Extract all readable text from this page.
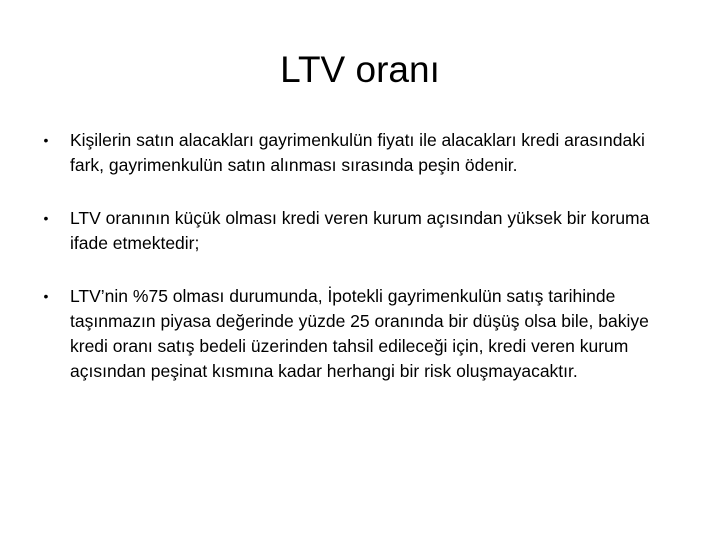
LTV oranı
• Kişilerin satın alacakları gayrimenkulün fiyatı ile alacakları kredi arasındaki fark, gayrimenkulün satın alınması sırasında peşin ödenir.
• LTV oranının küçük olması kredi veren kurum açısından yüksek bir koruma ifade etmektedir;
• LTV’nin %75 olması durumunda, İpotekli gayrimenkulün satış tarihinde taşınmazın piyasa değerinde yüzde 25 oranında bir düşüş olsa bile, bakiye kredi oranı satış bedeli üzerinden tahsil edileceği için, kredi veren kurum açısından peşinat kısmına kadar herhangi bir risk oluşmayacaktır.
